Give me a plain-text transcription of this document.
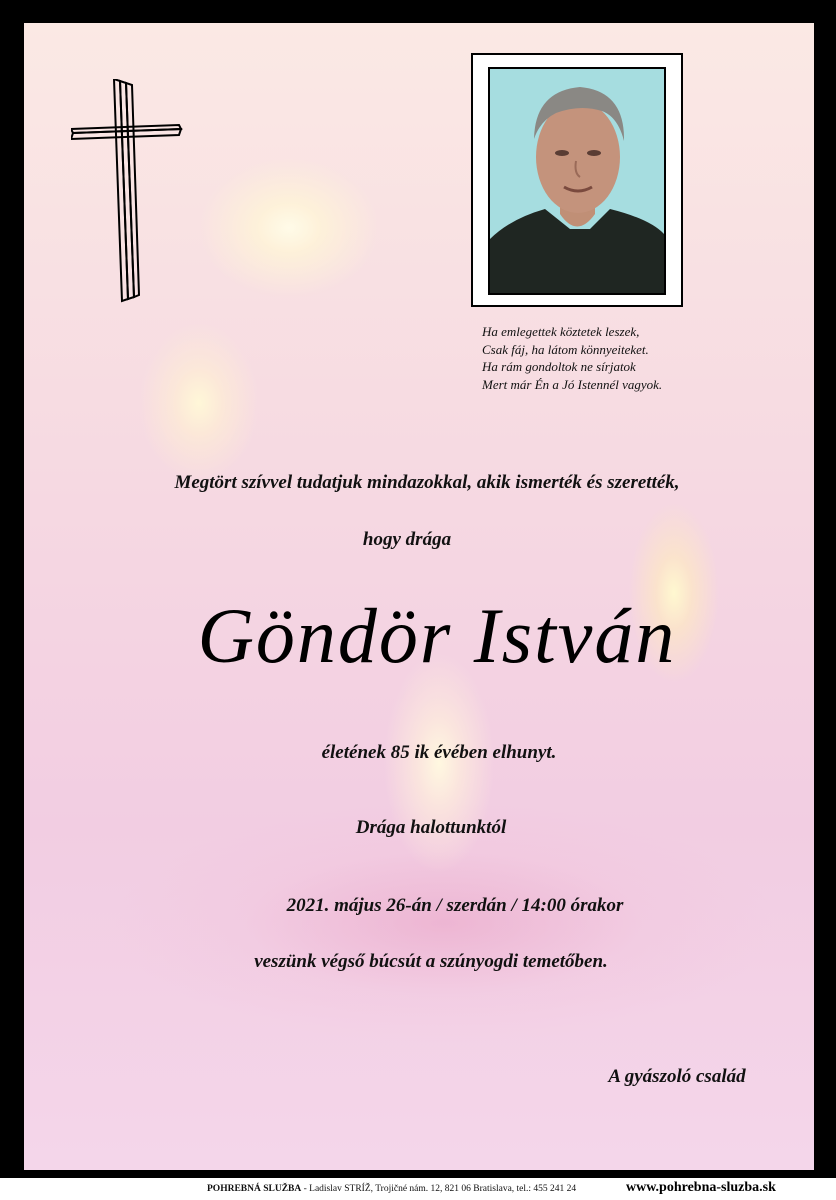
Ha emlegettek köztetek leszek,
Csak fáj, ha látom könnyeiteket.
Ha rám gondoltok ne sírjatok
Mert már Én a Jó Istennél vagyok.
Megtört szívvel tudatjuk mindazokkal, akik ismerték és szerették,
hogy drága
Göndör István
életének 85 ik évében elhunyt.
Drága halottunktól
2021. május 26-án / szerdán / 14:00 órakor
veszünk végső búcsút a szúnyogdi temetőben.
A gyászoló család
POHREBNÁ SLUŽBA - Ladislav STRÍŽ, Trojičné nám. 12, 821 06 Bratislava, tel.: 455 241 24	www.pohrebna-sluzba.sk
